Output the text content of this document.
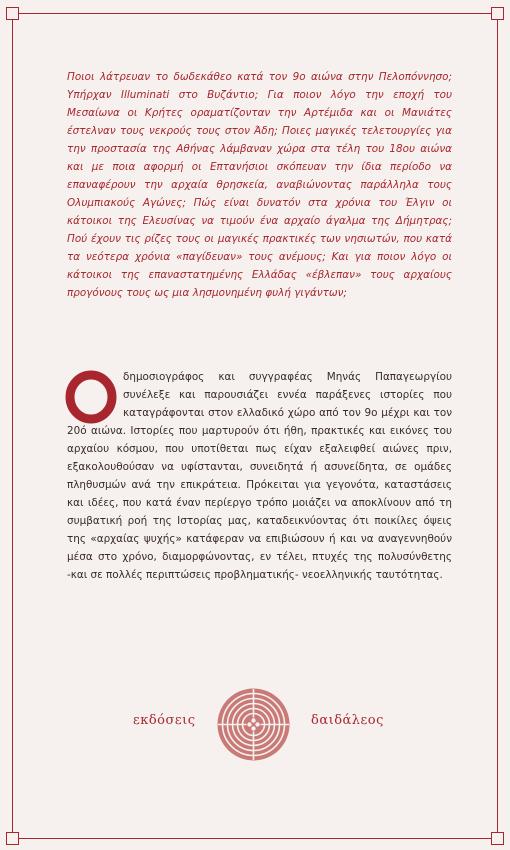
Ποιοι λάτρευαν το δωδεκάθεο κατά τον 9ο αιώνα στην Πελοπόννησο; Υπήρχαν Illuminati στο Βυζάντιο; Για ποιον λόγο την εποχή του Μεσαίωνα οι Κρήτες οραματίζονταν την Αρτέμιδα και οι Μανιάτες έστελναν τους νεκρούς τους στον Άδη; Ποιες μαγικές τελετουργίες για την προστασία της Αθήνας λάμβαναν χώρα στα τέλη του 18ου αιώνα και με ποια αφορμή οι Επτανήσιοι σκόπευαν την ίδια περίοδο να επαναφέρουν την αρχαία θρησκεία, αναβιώνοντας παράλληλα τους Ολυμπιακούς Αγώνες; Πώς είναι δυνατόν στα χρόνια του Έλγιν οι κάτοικοι της Ελευσίνας να τιμούν ένα αρχαίο άγαλμα της Δήμητρας; Πού έχουν τις ρίζες τους οι μαγικές πρακτικές των νησιωτών, που κατά τα νεότερα χρόνια «παγίδευαν» τους ανέμους; Και για ποιον λόγο οι κάτοικοι της επαναστατημένης Ελλάδας «έβλεπαν» τους αρχαίους προγόνους τους ως μια λησμονημένη φυλή γιγάντων;

Ο
δημοσιογράφος και συγγραφέας Μηνάς Παπαγεωργίου συνέλεξε και παρουσιάζει εννέα παράξενες ιστορίες που καταγράφονται στον ελλαδικό χώρο από τον 9ο μέχρι και τον 20ό αιώνα. Ιστορίες που μαρτυρούν ότι ήθη, πρακτικές και εικόνες του αρχαίου κόσμου, που υποτίθεται πως είχαν εξαλειφθεί αιώνες πριν, εξακολουθούσαν να υφίστανται, συνειδητά ή ασυνείδητα, σε ομάδες πληθυσμών ανά την επικράτεια. Πρόκειται για γεγονότα, καταστάσεις και ιδέες, που κατά έναν περίεργο τρόπο μοιάζει να αποκλίνουν από τη συμβατική ροή της Ιστορίας μας, καταδεικνύοντας ότι ποικίλες όψεις της «αρχαίας ψυχής» κατάφεραν να επιβιώσουν ή και να αναγεννηθούν μέσα στο χρόνο, διαμορφώνοντας, εν τέλει, πτυχές της πολυσύνθετης -και σε πολλές περιπτώσεις προβληματικής- νεοελληνικής ταυτότητας.

εκδόσεις	δαιδάλεος
